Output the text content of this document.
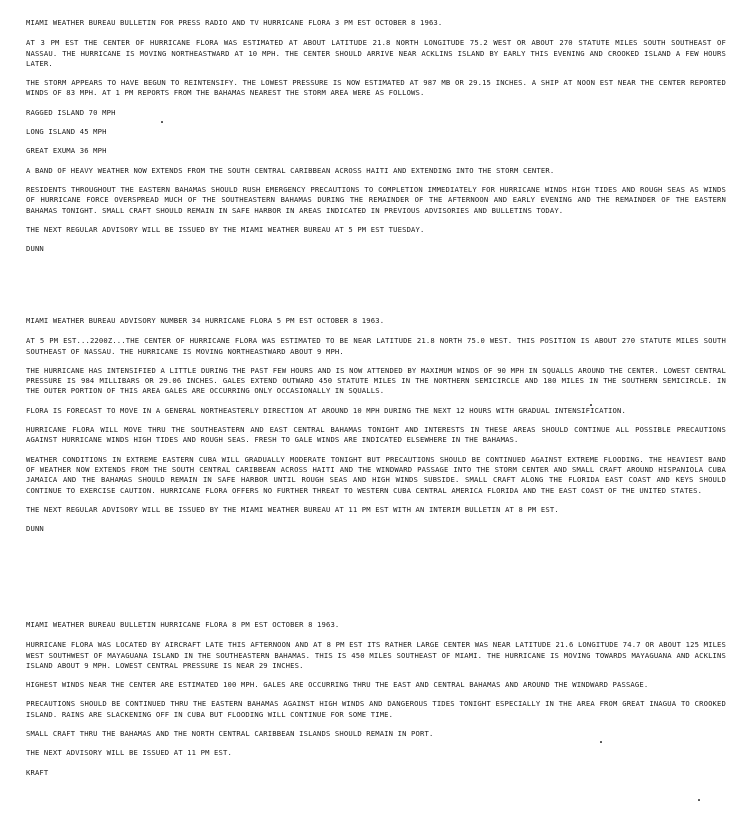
MIAMI WEATHER BUREAU BULLETIN FOR PRESS RADIO AND TV HURRICANE FLORA 3 PM EST OCTOBER 8 1963.

AT 3 PM EST THE CENTER OF HURRICANE FLORA WAS ESTIMATED AT ABOUT LATITUDE 21.8 NORTH LONGITUDE 75.2 WEST OR ABOUT 270 STATUTE MILES SOUTH SOUTHEAST OF NASSAU. THE HURRICANE IS MOVING NORTHEASTWARD AT 10 MPH. THE CENTER SHOULD ARRIVE NEAR ACKLINS ISLAND BY EARLY THIS EVENING AND CROOKED ISLAND A FEW HOURS LATER.

THE STORM APPEARS TO HAVE BEGUN TO REINTENSIFY. THE LOWEST PRESSURE IS NOW ESTIMATED AT 987 MB OR 29.15 INCHES. A SHIP AT NOON EST NEAR THE CENTER REPORTED WINDS OF 83 MPH. AT 1 PM REPORTS FROM THE BAHAMAS NEAREST THE STORM AREA WERE AS FOLLOWS.

RAGGED ISLAND 70 MPH

LONG ISLAND 45 MPH

GREAT EXUMA 36 MPH

A BAND OF HEAVY WEATHER NOW EXTENDS FROM THE SOUTH CENTRAL CARIBBEAN ACROSS HAITI AND EXTENDING INTO THE STORM CENTER.

RESIDENTS THROUGHOUT THE EASTERN BAHAMAS SHOULD RUSH EMERGENCY PRECAUTIONS TO COMPLETION IMMEDIATELY FOR HURRICANE WINDS HIGH TIDES AND ROUGH SEAS AS WINDS OF HURRICANE FORCE OVERSPREAD MUCH OF THE SOUTHEASTERN BAHAMAS DURING THE REMAINDER OF THE AFTERNOON AND EARLY EVENING AND THE REMAINDER OF THE EASTERN BAHAMAS TONIGHT. SMALL CRAFT SHOULD REMAIN IN SAFE HARBOR IN AREAS INDICATED IN PREVIOUS ADVISORIES AND BULLETINS TODAY.

THE NEXT REGULAR ADVISORY WILL BE ISSUED BY THE MIAMI WEATHER BUREAU AT 5 PM EST TUESDAY.

DUNN

MIAMI WEATHER BUREAU ADVISORY NUMBER 34 HURRICANE FLORA 5 PM EST OCTOBER 8 1963.

AT 5 PM EST...2200Z...THE CENTER OF HURRICANE FLORA WAS ESTIMATED TO BE NEAR LATITUDE 21.8 NORTH 75.0 WEST. THIS POSITION IS ABOUT 270 STATUTE MILES SOUTH SOUTHEAST OF NASSAU. THE HURRICANE IS MOVING NORTHEASTWARD ABOUT 9 MPH.

THE HURRICANE HAS INTENSIFIED A LITTLE DURING THE PAST FEW HOURS AND IS NOW ATTENDED BY MAXIMUM WINDS OF 90 MPH IN SQUALLS AROUND THE CENTER. LOWEST CENTRAL PRESSURE IS 984 MILLIBARS OR 29.06 INCHES. GALES EXTEND OUTWARD 450 STATUTE MILES IN THE NORTHERN SEMICIRCLE AND 180 MILES IN THE SOUTHERN SEMICIRCLE. IN THE OUTER PORTION OF THIS AREA GALES ARE OCCURRING ONLY OCCASIONALLY IN SQUALLS.

FLORA IS FORECAST TO MOVE IN A GENERAL NORTHEASTERLY DIRECTION AT AROUND 10 MPH DURING THE NEXT 12 HOURS WITH GRADUAL INTENSIFICATION.

HURRICANE FLORA WILL MOVE THRU THE SOUTHEASTERN AND EAST CENTRAL BAHAMAS TONIGHT AND INTERESTS IN THESE AREAS SHOULD CONTINUE ALL POSSIBLE PRECAUTIONS AGAINST HURRICANE WINDS HIGH TIDES AND ROUGH SEAS. FRESH TO GALE WINDS ARE INDICATED ELSEWHERE IN THE BAHAMAS.

WEATHER CONDITIONS IN EXTREME EASTERN CUBA WILL GRADUALLY MODERATE TONIGHT BUT PRECAUTIONS SHOULD BE CONTINUED AGAINST EXTREME FLOODING. THE HEAVIEST BAND OF WEATHER NOW EXTENDS FROM THE SOUTH CENTRAL CARIBBEAN ACROSS HAITI AND THE WINDWARD PASSAGE INTO THE STORM CENTER AND SMALL CRAFT AROUND HISPANIOLA CUBA JAMAICA AND THE BAHAMAS SHOULD REMAIN IN SAFE HARBOR UNTIL ROUGH SEAS AND HIGH WINDS SUBSIDE. SMALL CRAFT ALONG THE FLORIDA EAST COAST AND KEYS SHOULD CONTINUE TO EXERCISE CAUTION. HURRICANE FLORA OFFERS NO FURTHER THREAT TO WESTERN CUBA CENTRAL AMERICA FLORIDA AND THE EAST COAST OF THE UNITED STATES.

THE NEXT REGULAR ADVISORY WILL BE ISSUED BY THE MIAMI WEATHER BUREAU AT 11 PM EST WITH AN INTERIM BULLETIN AT 8 PM EST.

DUNN

MIAMI WEATHER BUREAU BULLETIN HURRICANE FLORA 8 PM EST OCTOBER 8 1963.

HURRICANE FLORA WAS LOCATED BY AIRCRAFT LATE THIS AFTERNOON AND AT 8 PM EST ITS RATHER LARGE CENTER WAS NEAR LATITUDE 21.6 LONGITUDE 74.7 OR ABOUT 125 MILES WEST SOUTHWEST OF MAYAGUANA ISLAND IN THE SOUTHEASTERN BAHAMAS. THIS IS 450 MILES SOUTHEAST OF MIAMI. THE HURRICANE IS MOVING TOWARDS MAYAGUANA AND ACKLINS ISLAND ABOUT 9 MPH. LOWEST CENTRAL PRESSURE IS NEAR 29 INCHES.

HIGHEST WINDS NEAR THE CENTER ARE ESTIMATED 100 MPH. GALES ARE OCCURRING THRU THE EAST AND CENTRAL BAHAMAS AND AROUND THE WINDWARD PASSAGE.

PRECAUTIONS SHOULD BE CONTINUED THRU THE EASTERN BAHAMAS AGAINST HIGH WINDS AND DANGEROUS TIDES TONIGHT ESPECIALLY IN THE AREA FROM GREAT INAGUA TO CROOKED ISLAND. RAINS ARE SLACKENING OFF IN CUBA BUT FLOODING WILL CONTINUE FOR SOME TIME.

SMALL CRAFT THRU THE BAHAMAS AND THE NORTH CENTRAL CARIBBEAN ISLANDS SHOULD REMAIN IN PORT.

THE NEXT ADVISORY WILL BE ISSUED AT 11 PM EST.

KRAFT
